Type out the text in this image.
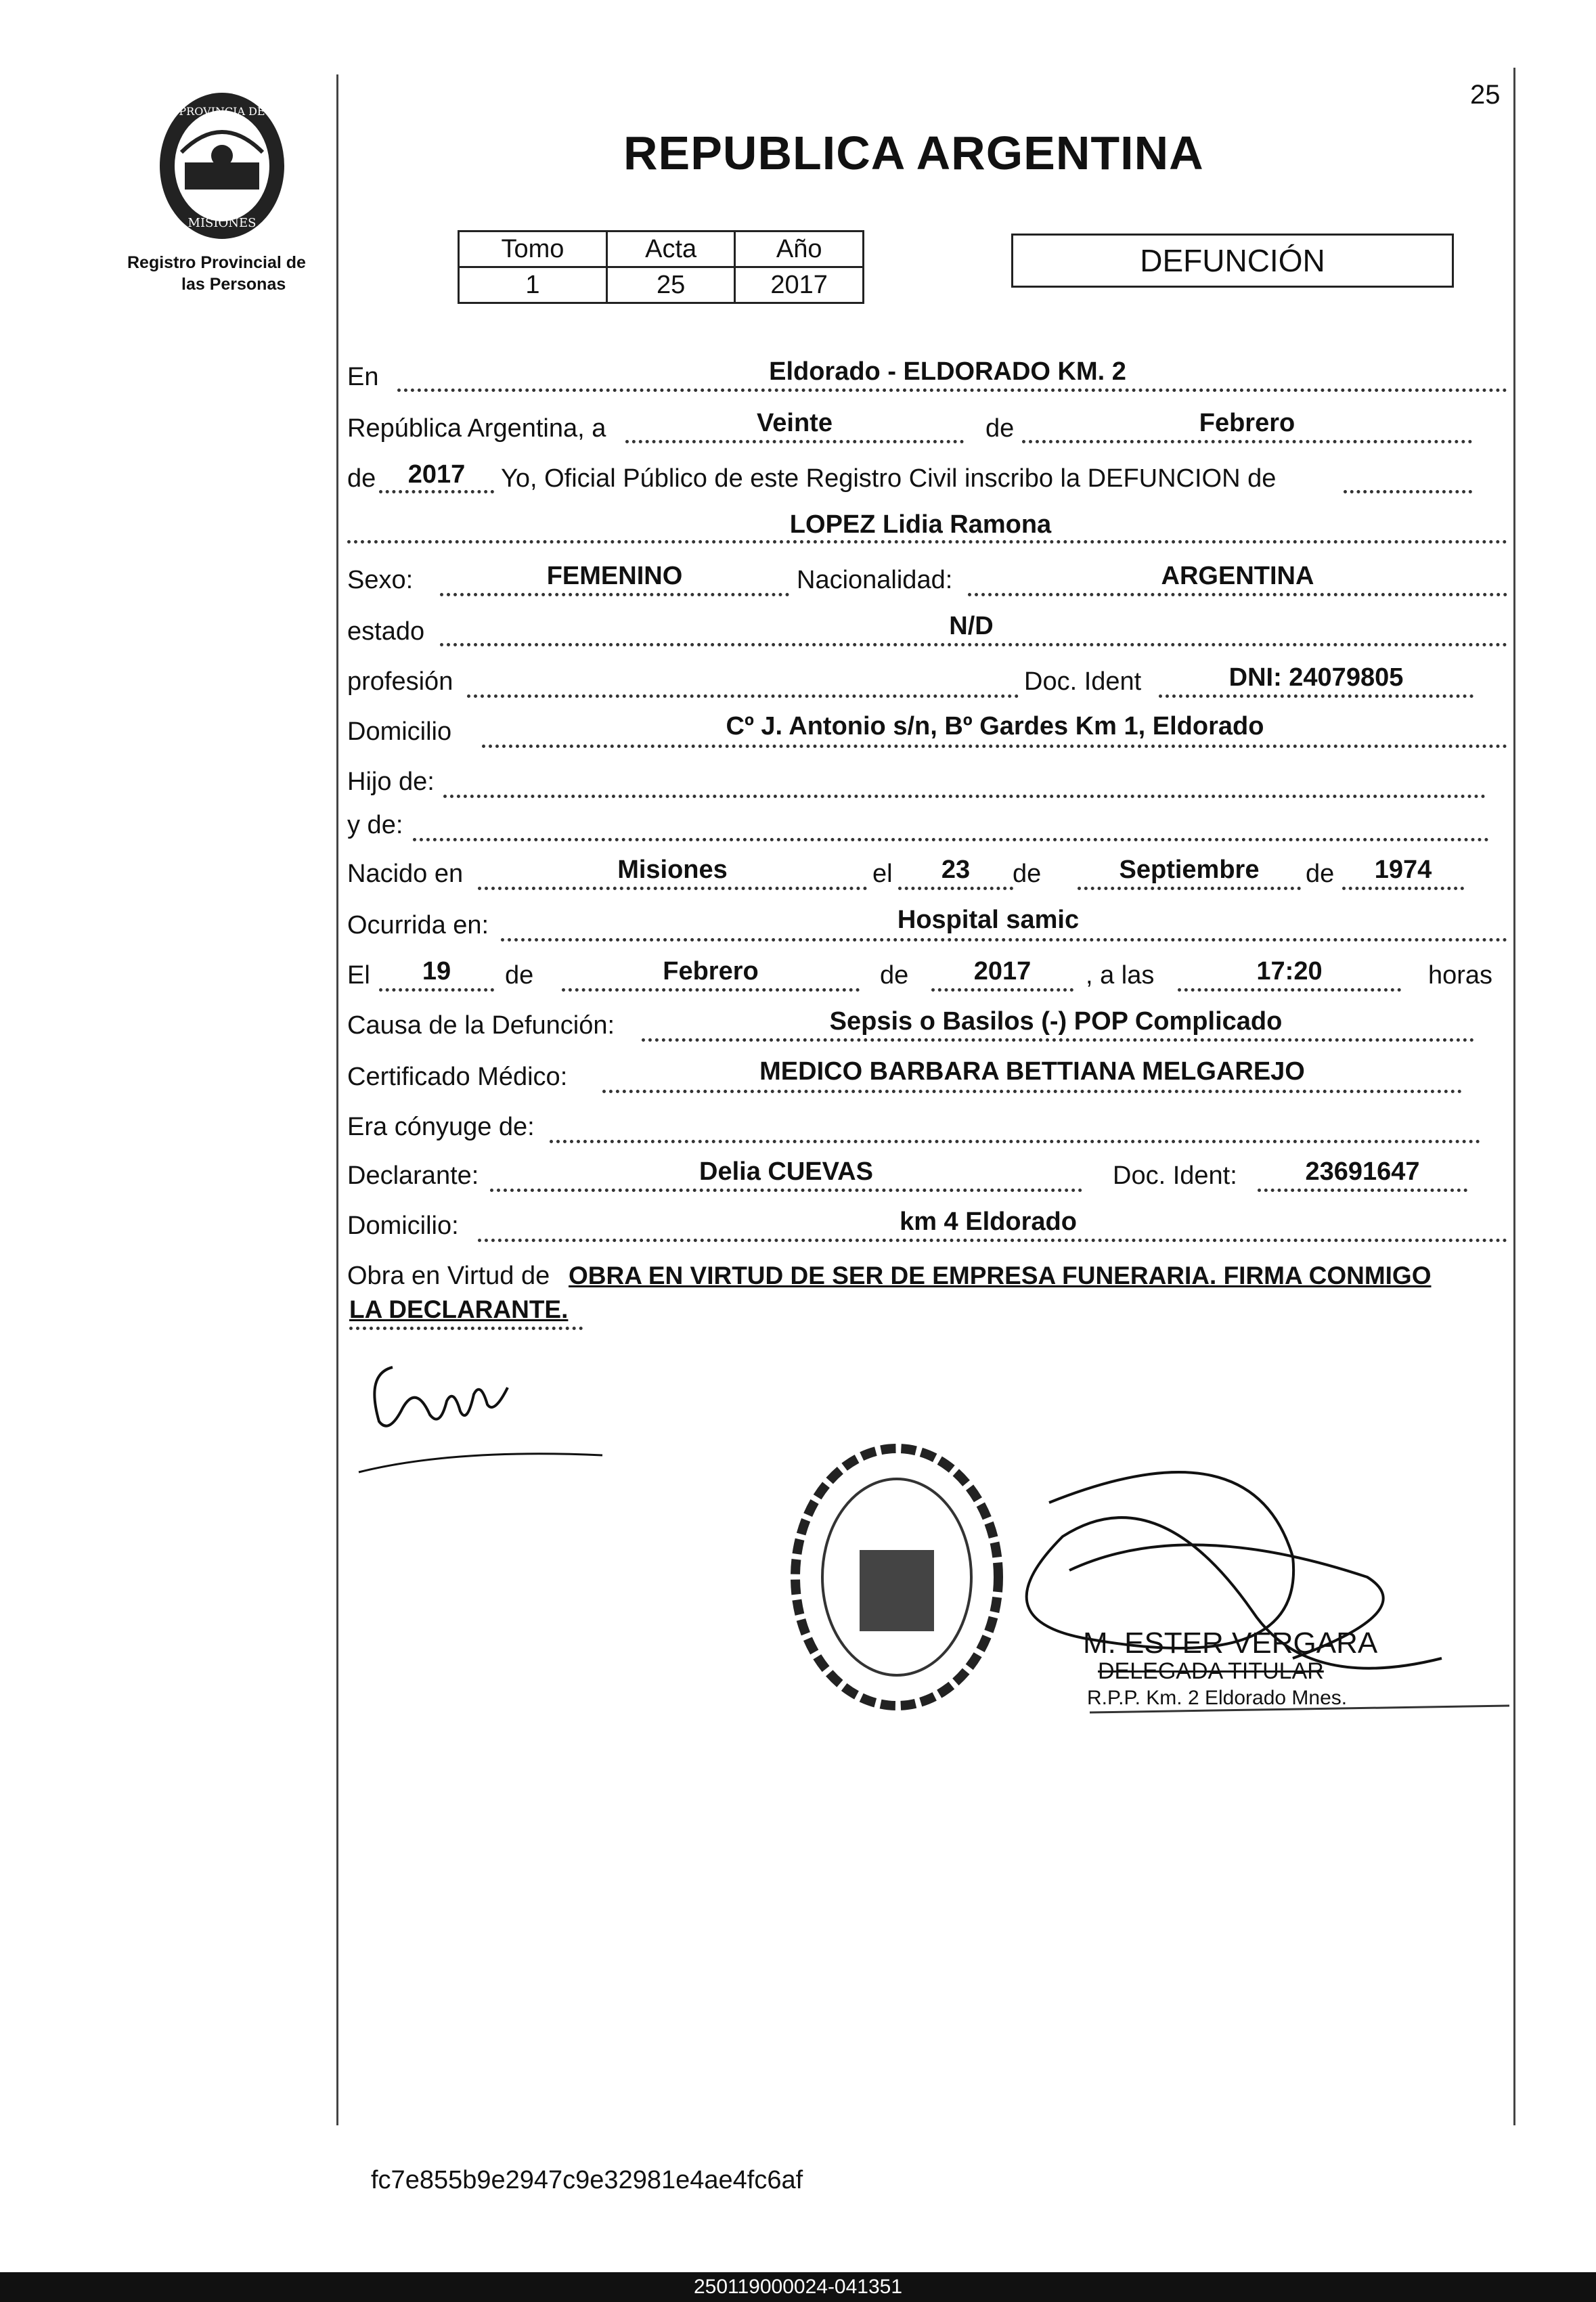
25
PROVINCIA DE
MISIONES
Registro Provincial de
las Personas
REPUBLICA ARGENTINA
Tomo	Acta	Año
1	25	2017
DEFUNCIÓN
En	Eldorado - ELDORADO KM. 2
República Argentina, a	Veinte	de	Febrero
de	2017	Yo, Oficial Público de este Registro Civil inscribo la DEFUNCION de
LOPEZ Lidia Ramona
Sexo:	FEMENINO	Nacionalidad:	ARGENTINA
estado	N/D
profesión	Doc. Ident	DNI: 24079805
Domicilio	Cº J. Antonio s/n, Bº Gardes Km 1, Eldorado
Hijo de:
y de:
Nacido en	Misiones	el	23	de	Septiembre	de	1974
Ocurrida en:	Hospital samic
El	19	de	Febrero	de	2017	, a las	17:20	horas
Causa de la Defunción:	Sepsis o Basilos (-) POP Complicado
Certificado Médico:	MEDICO BARBARA BETTIANA MELGAREJO
Era cónyuge de:
Declarante:	Delia CUEVAS	Doc. Ident:	23691647
Domicilio:	km 4 Eldorado
Obra en Virtud de OBRA EN VIRTUD DE SER DE EMPRESA FUNERARIA. FIRMA CONMIGO
LA DECLARANTE.
M. ESTER VERGARA
DELEGADA TITULAR
R.P.P. Km. 2 Eldorado Mnes.
fc7e855b9e2947c9e32981e4ae4fc6af
250119000024-041351
